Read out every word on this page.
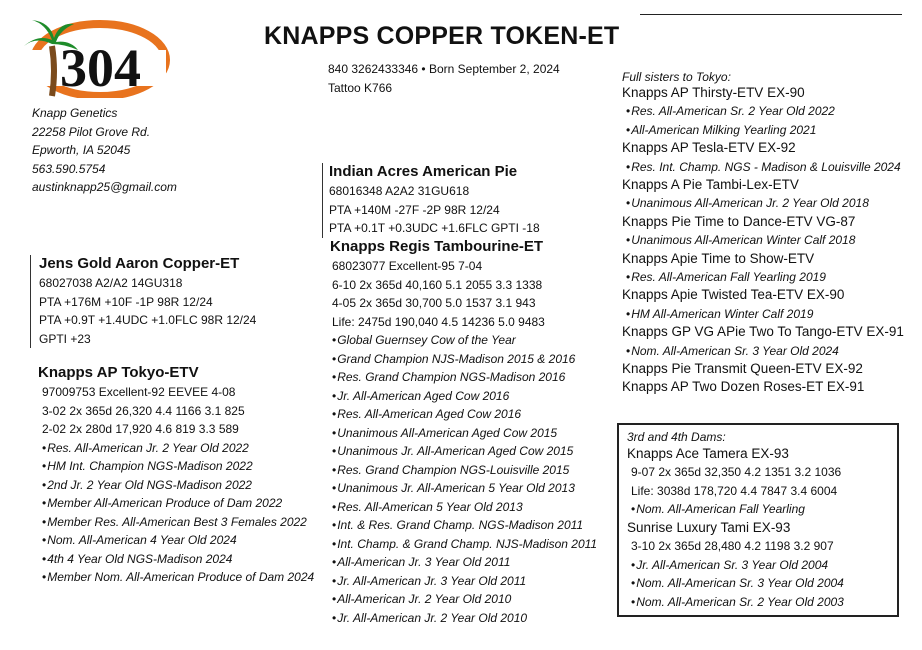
304
KNAPPS COPPER TOKEN-ET
840 3262433346 • Born September 2, 2024
Tattoo K766
Knapp Genetics
22258 Pilot Grove Rd.
Epworth, IA 52045
563.590.5754
austinknapp25@gmail.com
Jens Gold Aaron Copper-ET
68027038 A2/A2 14GU318
PTA +176M +10F -1P 98R 12/24
PTA +0.9T +1.4UDC +1.0FLC 98R 12/24
GPTI +23
Knapps AP Tokyo-ETV
97009753 Excellent-92 EEVEE 4-08
3-02 2x 365d 26,320 4.4 1166 3.1 825
2-02 2x 280d 17,920 4.6 819 3.3 589
• Res. All-American Jr. 2 Year Old 2022
• HM Int. Champion NGS-Madison 2022
• 2nd Jr. 2 Year Old NGS-Madison 2022
• Member All-American Produce of Dam 2022
• Member Res. All-American Best 3 Females 2022
• Nom. All-American 4 Year Old 2024
• 4th 4 Year Old NGS-Madison 2024
• Member Nom. All-American Produce of Dam 2024
Indian Acres American Pie
68016348 A2A2 31GU618
PTA +140M -27F -2P 98R 12/24
PTA +0.1T +0.3UDC +1.6FLC GPTI -18
Knapps Regis Tambourine-ET
68023077 Excellent-95 7-04
6-10 2x 365d 40,160 5.1 2055 3.3 1338
4-05 2x 365d 30,700 5.0 1537 3.1 943
Life: 2475d 190,040 4.5 14236 5.0 9483
• Global Guernsey Cow of the Year
• Grand Champion NJS-Madison 2015 & 2016
• Res. Grand Champion NGS-Madison 2016
• Jr. All-American Aged Cow 2016
• Res. All-American Aged Cow 2016
• Unanimous All-American Aged Cow 2015
• Unanimous Jr. All-American Aged Cow 2015
• Res. Grand Champion NGS-Louisville 2015
• Unanimous Jr. All-American 5 Year Old 2013
• Res. All-American 5 Year Old 2013
• Int. & Res. Grand Champ. NGS-Madison 2011
• Int. Champ. & Grand Champ. NJS-Madison 2011
• All-American Jr. 3 Year Old 2011
• Jr. All-American Jr. 3 Year Old 2011
• All-American Jr. 2 Year Old 2010
• Jr. All-American Jr. 2 Year Old 2010
Full sisters to Tokyo:
Knapps AP Thirsty-ETV EX-90
• Res. All-American Sr. 2 Year Old 2022
• All-American Milking Yearling 2021
Knapps AP Tesla-ETV EX-92
• Res. Int. Champ. NGS - Madison & Louisville 2024
Knapps A Pie Tambi-Lex-ETV
• Unanimous All-American Jr. 2 Year Old 2018
Knapps Pie Time to Dance-ETV VG-87
• Unanimous All-American Winter Calf 2018
Knapps Apie Time to Show-ETV
• Res. All-American Fall Yearling 2019
Knapps Apie Twisted Tea-ETV EX-90
• HM All-American Winter Calf 2019
Knapps GP VG APie Two To Tango-ETV EX-91
• Nom. All-American Sr. 3 Year Old 2024
Knapps Pie Transmit Queen-ETV EX-92
Knapps AP Two Dozen Roses-ET EX-91
3rd and 4th Dams:
Knapps Ace Tamera EX-93
9-07 2x 365d 32,350 4.2 1351 3.2 1036
Life: 3038d 178,720 4.4 7847 3.4 6004
• Nom. All-American Fall Yearling
Sunrise Luxury Tami EX-93
3-10 2x 365d 28,480 4.2 1198 3.2 907
• Jr. All-American Sr. 3 Year Old 2004
• Nom. All-American Sr. 3 Year Old 2004
• Nom. All-American Sr. 2 Year Old 2003
